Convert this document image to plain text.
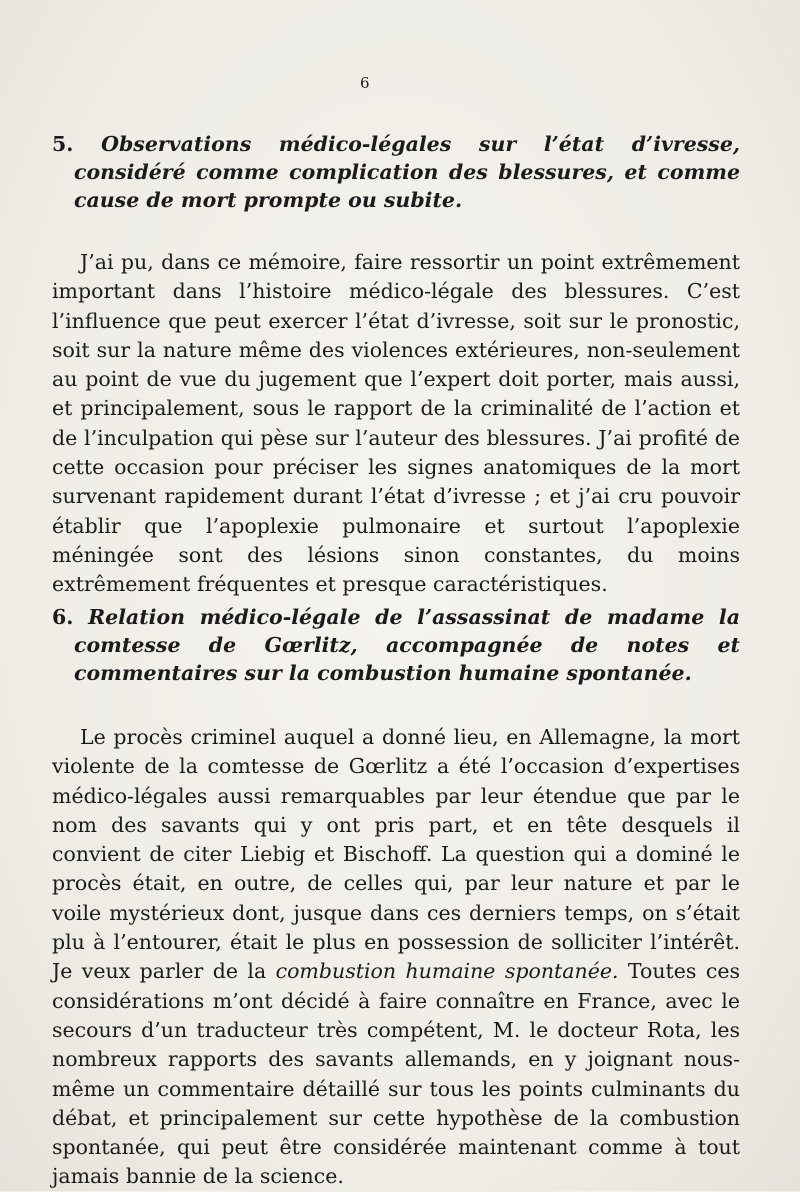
6
5. Observations médico-légales sur l’état d’ivresse, considéré comme complication des blessures, et comme cause de mort prompte ou subite.

J’ai pu, dans ce mémoire, faire ressortir un point extrêmement important dans l’histoire médico-légale des blessures. C’est l’influence que peut exercer l’état d’ivresse, soit sur le pronostic, soit sur la nature même des violences extérieures, non-seulement au point de vue du jugement que l’expert doit porter, mais aussi, et principalement, sous le rapport de la criminalité de l’action et de l’inculpation qui pèse sur l’auteur des blessures. J’ai profité de cette occasion pour préciser les signes anatomiques de la mort survenant rapidement durant l’état d’ivresse ; et j’ai cru pouvoir établir que l’apoplexie pulmonaire et surtout l’apoplexie méningée sont des lésions sinon constantes, du moins extrêmement fréquentes et presque caractéristiques.

6. Relation médico-légale de l’assassinat de madame la comtesse de Gœrlitz, accompagnée de notes et commentaires sur la combustion humaine spontanée.

Le procès criminel auquel a donné lieu, en Allemagne, la mort violente de la comtesse de Gœrlitz a été l’occasion d’expertises médico-légales aussi remarquables par leur étendue que par le nom des savants qui y ont pris part, et en tête desquels il convient de citer Liebig et Bischoff. La question qui a dominé le procès était, en outre, de celles qui, par leur nature et par le voile mystérieux dont, jusque dans ces derniers temps, on s’était plu à l’entourer, était le plus en possession de solliciter l’intérêt. Je veux parler de la combustion humaine spontanée. Toutes ces considérations m’ont décidé à faire connaître en France, avec le secours d’un traducteur très compétent, M. le docteur Rota, les nombreux rapports des savants allemands, en y joignant nous-même un commentaire détaillé sur tous les points culminants du débat, et principalement sur cette hypothèse de la combustion spontanée, qui peut être considérée maintenant comme à tout jamais bannie de la science.
